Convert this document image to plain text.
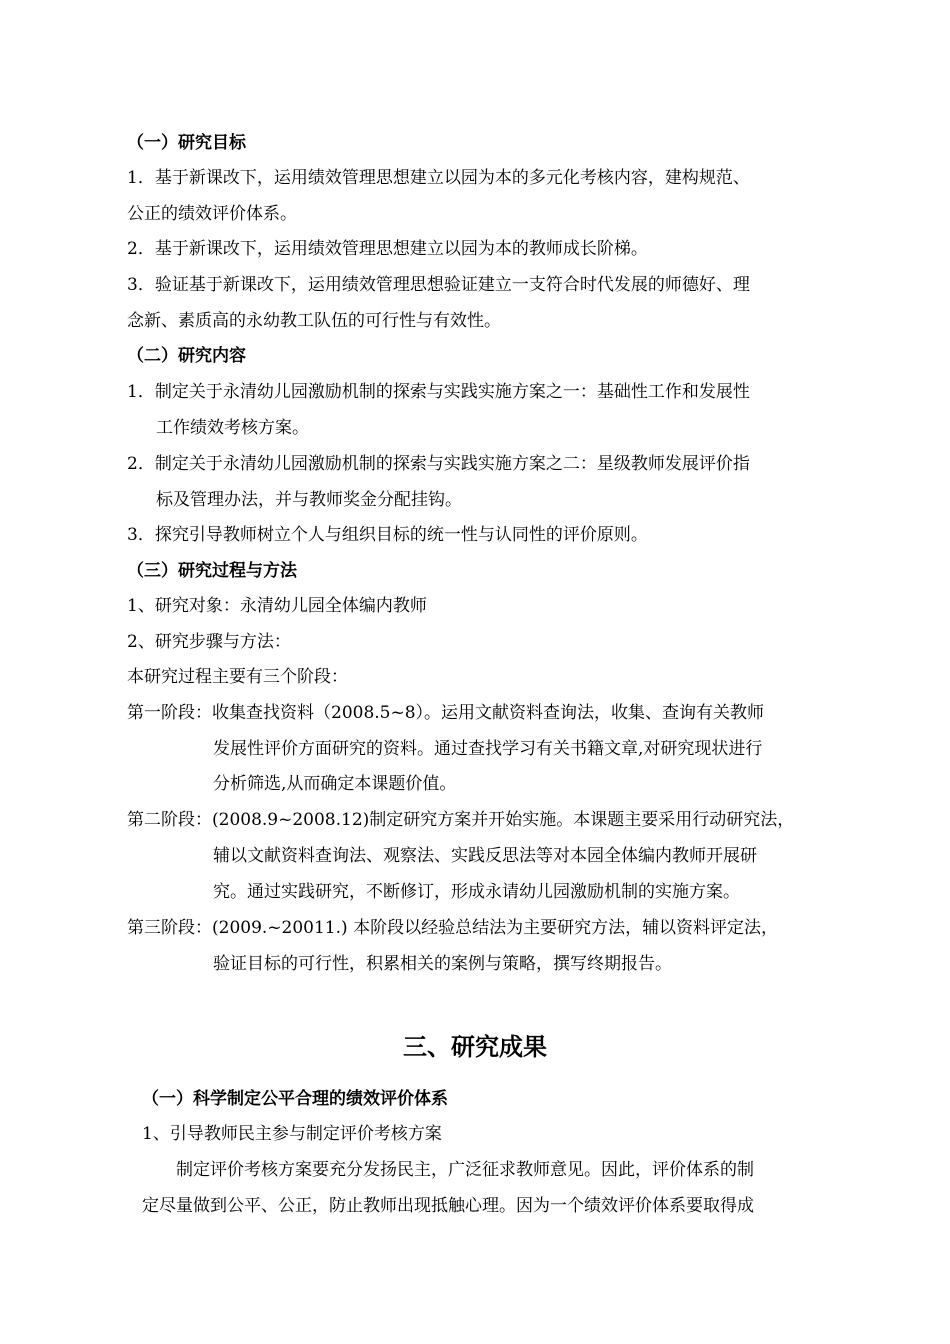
（一）研究目标
1．基于新课改下，运用绩效管理思想建立以园为本的多元化考核内容，建构规范、
公正的绩效评价体系。
2．基于新课改下，运用绩效管理思想建立以园为本的教师成长阶梯。
3．验证基于新课改下，运用绩效管理思想验证建立一支符合时代发展的师德好、理
念新、素质高的永幼教工队伍的可行性与有效性。
（二）研究内容
1．制定关于永清幼儿园激励机制的探索与实践实施方案之一：基础性工作和发展性
工作绩效考核方案。
2．制定关于永清幼儿园激励机制的探索与实践实施方案之二：星级教师发展评价指
标及管理办法，并与教师奖金分配挂钩。
3．探究引导教师树立个人与组织目标的统一性与认同性的评价原则。
（三）研究过程与方法
1、研究对象：永清幼儿园全体编内教师
2、研究步骤与方法：
本研究过程主要有三个阶段：
第一阶段：收集查找资料（2008.5~8）。运用文献资料查询法，收集、查询有关教师
发展性评价方面研究的资料。通过查找学习有关书籍文章,对研究现状进行
分析筛选,从而确定本课题价值。
第二阶段：(2008.9~2008.12)制定研究方案并开始实施。本课题主要采用行动研究法，
辅以文献资料查询法、观察法、实践反思法等对本园全体编内教师开展研
究。通过实践研究，不断修订，形成永请幼儿园激励机制的实施方案。
第三阶段：(2009.~20011.) 本阶段以经验总结法为主要研究方法，辅以资料评定法，
验证目标的可行性，积累相关的案例与策略，撰写终期报告。
三、研究成果
（一）科学制定公平合理的绩效评价体系
1、引导教师民主参与制定评价考核方案
制定评价考核方案要充分发扬民主，广泛征求教师意见。因此，评价体系的制
定尽量做到公平、公正，防止教师出现抵触心理。因为一个绩效评价体系要取得成
